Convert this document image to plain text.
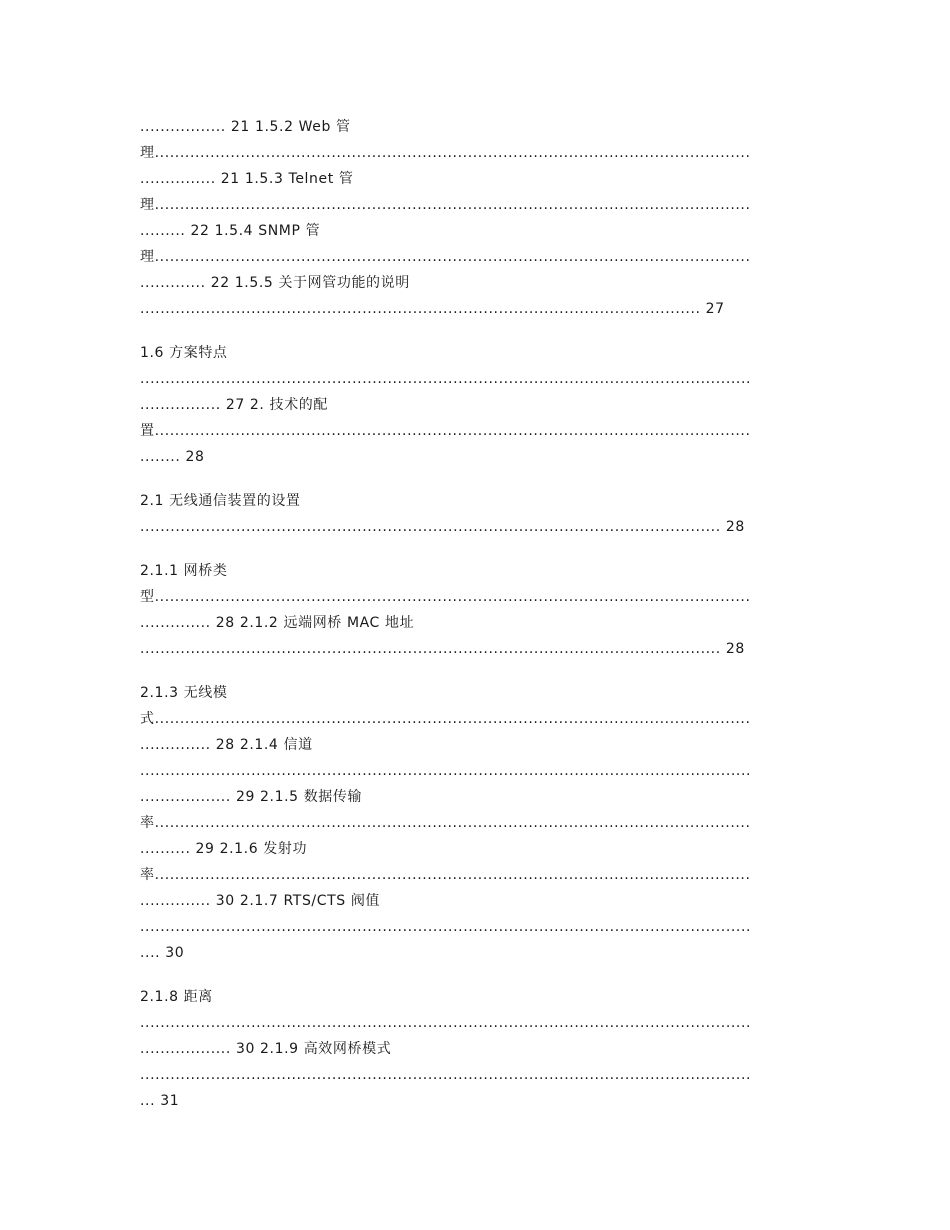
................. 21 1.5.2 Web 管
理......................................................................................................................
............... 21 1.5.3 Telnet 管
理......................................................................................................................
......... 22 1.5.4 SNMP 管
理......................................................................................................................
............. 22 1.5.5 关于网管功能的说明
............................................................................................................... 27
1.6 方案特点
.........................................................................................................................
................ 27 2. 技术的配
置......................................................................................................................
........ 28
2.1 无线通信装置的设置
................................................................................................................... 28
2.1.1 网桥类
型......................................................................................................................
.............. 28 2.1.2 远端网桥 MAC 地址
................................................................................................................... 28
2.1.3 无线模
式......................................................................................................................
.............. 28 2.1.4 信道
.........................................................................................................................
.................. 29 2.1.5 数据传输
率......................................................................................................................
.......... 29 2.1.6 发射功
率......................................................................................................................
.............. 30 2.1.7 RTS/CTS 阀值
.........................................................................................................................
.... 30
2.1.8 距离
.........................................................................................................................
.................. 30 2.1.9 高效网桥模式
.........................................................................................................................
... 31
